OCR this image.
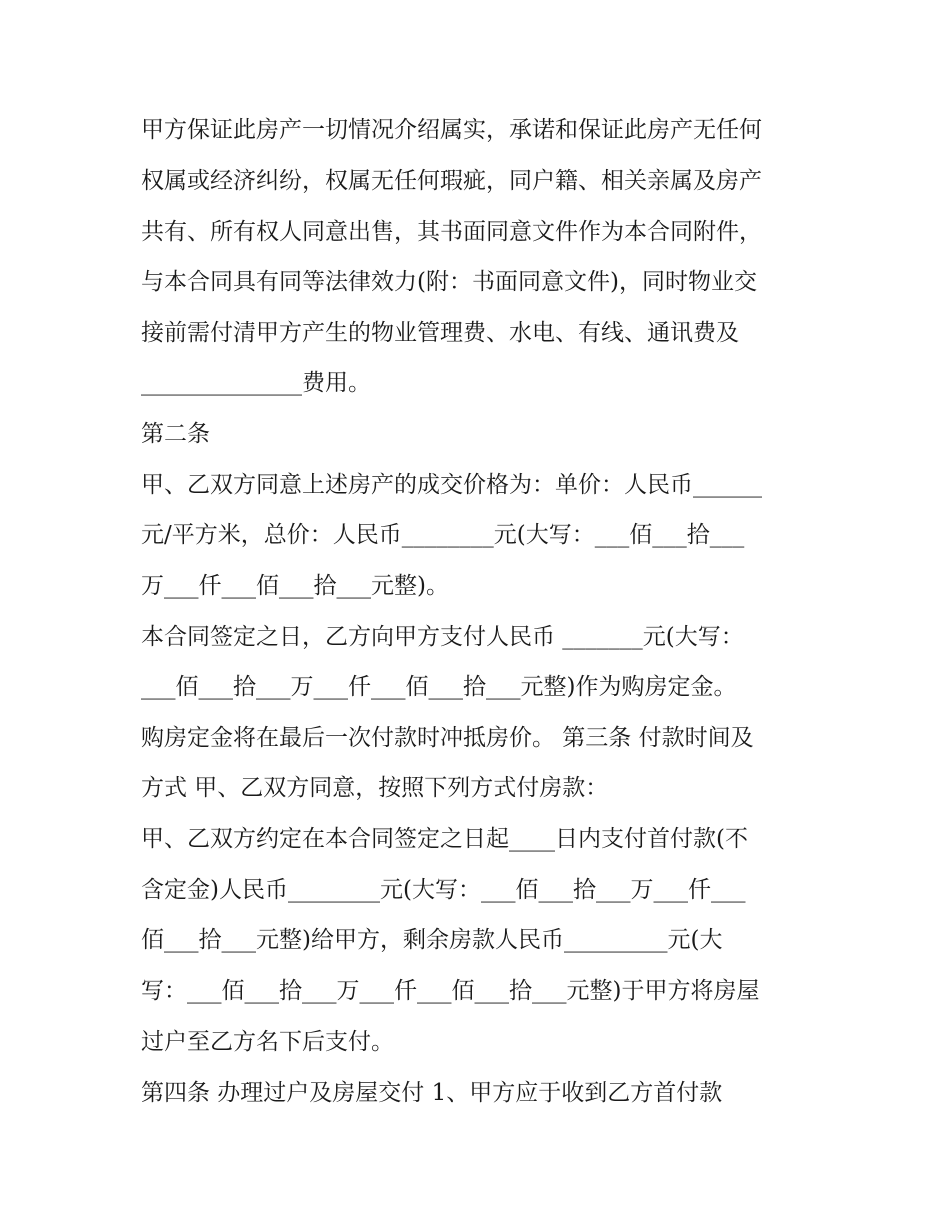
甲方保证此房产一切情况介绍属实，承诺和保证此房产无任何

权属或经济纠纷，权属无任何瑕疵，同户籍、相关亲属及房产

共有、所有权人同意出售，其书面同意文件作为本合同附件，

与本合同具有同等法律效力(附：书面同意文件)，同时物业交

接前需付清甲方产生的物业管理费、水电、有线、通讯费及

______________费用。

第二条

甲、乙双方同意上述房产的成交价格为：单价：人民币______

元/平方米，总价：人民币________元(大写：___佰___拾___

万___仟___佰___拾___元整)。

本合同签定之日，乙方向甲方支付人民币 _______元(大写：

___佰___拾___万___仟___佰___拾___元整)作为购房定金。

购房定金将在最后一次付款时冲抵房价。 第三条 付款时间及

方式 甲、乙双方同意，按照下列方式付房款：

甲、乙双方约定在本合同签定之日起____日内支付首付款(不

含定金)人民币________元(大写：___佰___拾___万___仟___

佰___拾___元整)给甲方，剩余房款人民币_________元(大

写：___佰___拾___万___仟___佰___拾___元整)于甲方将房屋

过户至乙方名下后支付。

第四条 办理过户及房屋交付 1、甲方应于收到乙方首付款
